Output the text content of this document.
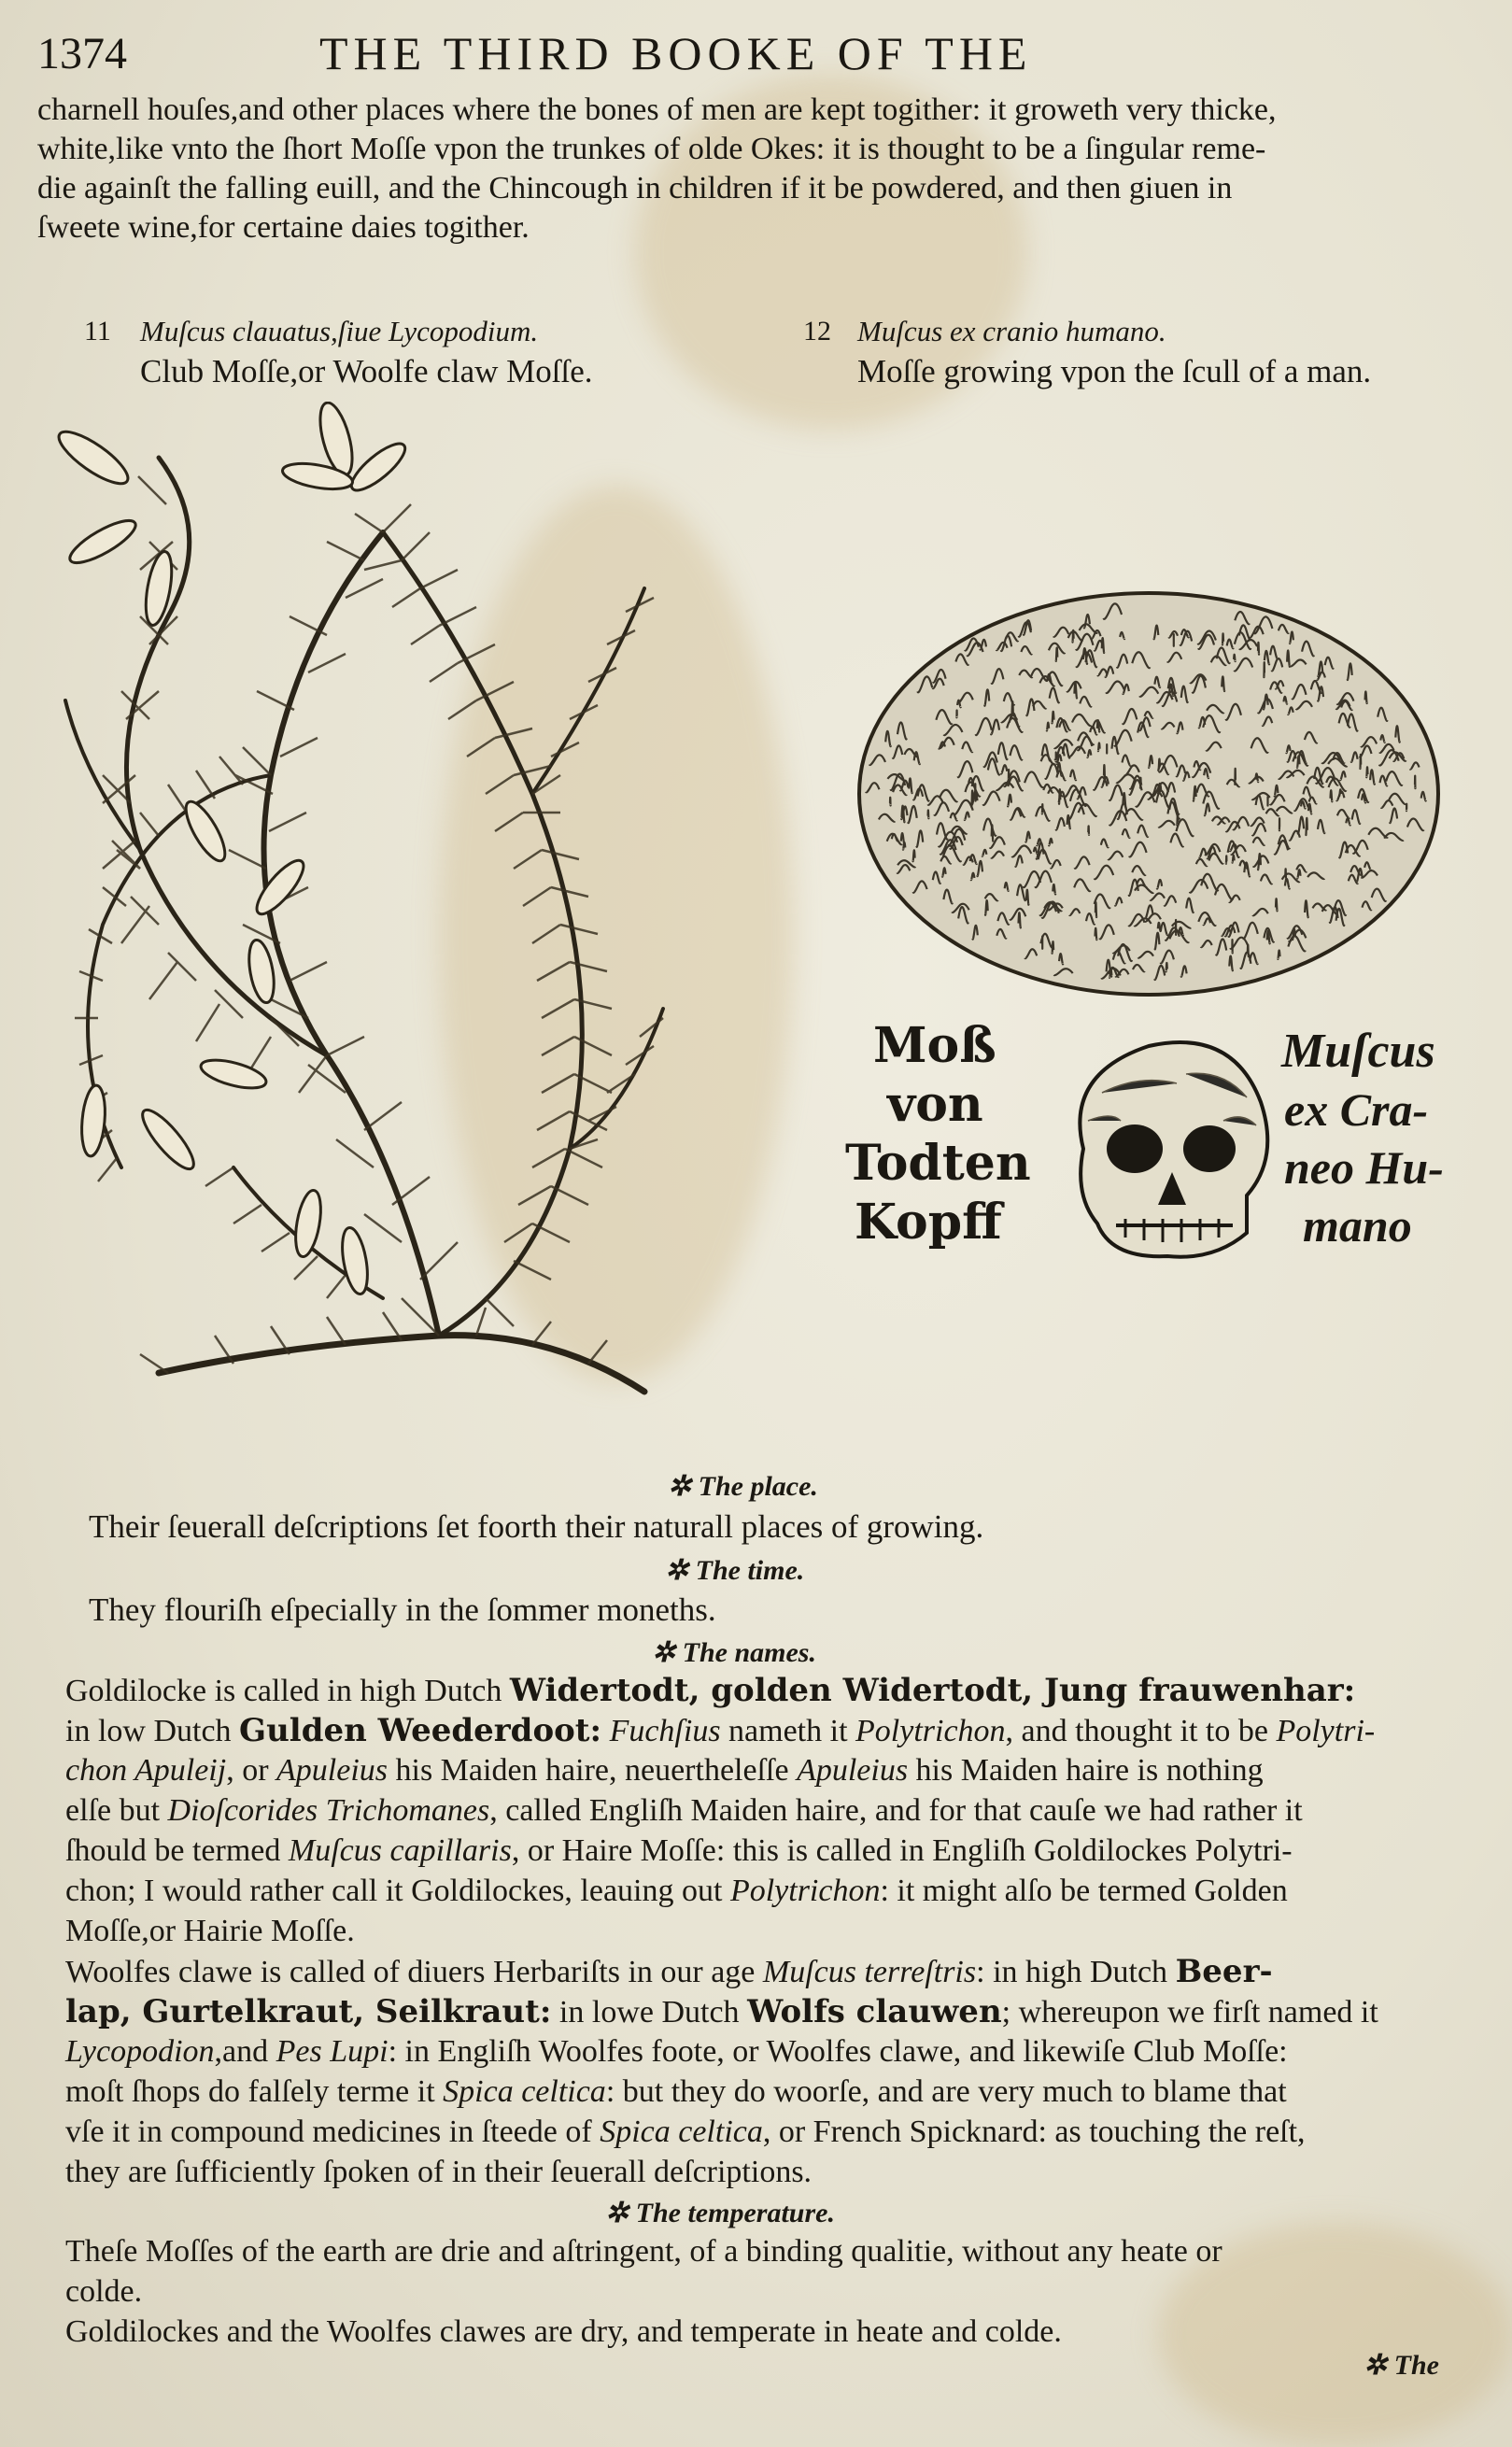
1374	THE THIRD BOOKE OF THE
charnell houſes,and other places where the bones of men are kept togither: it groweth very thicke,
white,like vnto the ſhort Moſſe vpon the trunkes of olde Okes: it is thought to be a ſingular reme-
die againſt the falling euill, and the Chincough in children if it be powdered, and then giuen in
ſweete wine,for certaine daies togither.
11 Muſcus clauatus,ſiue Lycopodium.
Club Moſſe,or Woolfe claw Moſſe.
12 Muſcus ex cranio humano.
Moſſe growing vpon the ſcull of a man.
Moß
von
Todten
Kopff
Muſcus
ex Cra-
neo Hu-
mano
✲ The place.
Their ſeuerall deſcriptions ſet foorth their naturall places of growing.
✲ The time.
They flouriſh eſpecially in the ſommer moneths.
✲ The names.
Goldilocke is called in high Dutch Widertodt, golden Widertodt, Jung frauwenhar:
in low Dutch Gulden Weederdoot: Fuchſius nameth it Polytrichon, and thought it to be Polytri-
chon Apuleij, or Apuleius his Maiden haire, neuertheleſſe Apuleius his Maiden haire is nothing
elſe but Dioſcorides Trichomanes, called Engliſh Maiden haire, and for that cauſe we had rather it
ſhould be termed Muſcus capillaris, or Haire Moſſe: this is called in Engliſh Goldilockes Polytri-
chon; I would rather call it Goldilockes, leauing out Polytrichon: it might alſo be termed Golden
Moſſe,or Hairie Moſſe.
Woolfes clawe is called of diuers Herbariſts in our age Muſcus terreſtris: in high Dutch Beer-
lap, Gurtelkraut, Seilkraut: in lowe Dutch Wolfs clauwen; whereupon we firſt named it
Lycopodion,and Pes Lupi: in Engliſh Woolfes foote, or Woolfes clawe, and likewiſe Club Moſſe:
moſt ſhops do falſely terme it Spica celtica: but they do woorſe, and are very much to blame that
vſe it in compound medicines in ſteede of Spica celtica, or French Spicknard: as touching the reſt,
they are ſufficiently ſpoken of in their ſeuerall deſcriptions.
✲ The temperature.
Theſe Moſſes of the earth are drie and aſtringent, of a binding qualitie, without any heate or
colde.
Goldilockes and the Woolfes clawes are dry, and temperate in heate and colde.
✲ The
